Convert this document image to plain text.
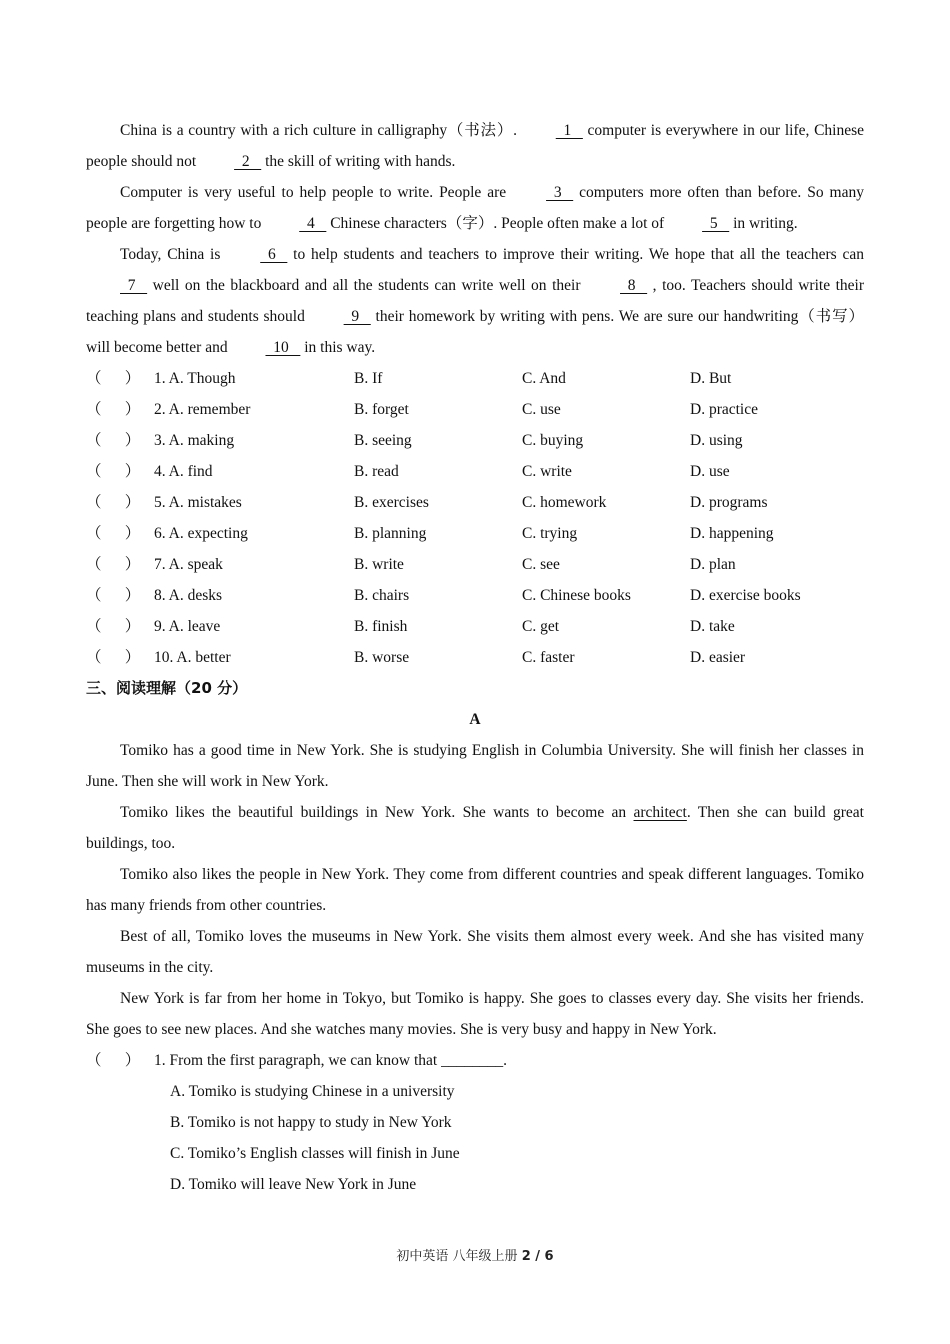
China is a country with a rich culture in calligraphy（书法）.   1    computer is everywhere in our life, Chinese people should not   2    the skill of writing with hands.

Computer is very useful to help people to write. People are   3    computers more often than before. So many people are forgetting how to   4    Chinese characters（字）. People often make a lot of   5    in writing.

Today, China is   6    to help students and teachers to improve their writing. We hope that all the teachers can   7    well on the blackboard and all the students can write well on their   8    , too. Teachers should write their teaching plans and students should   9    their homework by writing with pens. We are sure our handwriting（书写） will become better and   10    in this way.

（      ） 1. A. Though	B. If	C. And	D. But
（      ） 2. A. remember	B. forget	C. use	D. practice
（      ） 3. A. making	B. seeing	C. buying	D. using
（      ） 4. A. find	B. read	C. write	D. use
（      ） 5. A. mistakes	B. exercises	C. homework	D. programs
（      ） 6. A. expecting	B. planning	C. trying	D. happening
（      ） 7. A. speak	B. write	C. see	D. plan
（      ） 8. A. desks	B. chairs	C. Chinese books	D. exercise books
（      ） 9. A. leave	B. finish	C. get	D. take
（      ） 10. A. better	B. worse	C. faster	D. easier
三、阅读理解（20 分）
A

Tomiko has a good time in New York. She is studying English in Columbia University. She will finish her classes in June. Then she will work in New York.

Tomiko likes the beautiful buildings in New York. She wants to become an architect. Then she can build great buildings, too.

Tomiko also likes the people in New York. They come from different countries and speak different languages. Tomiko has many friends from other countries.

Best of all, Tomiko loves the museums in New York. She visits them almost every week. And she has visited many museums in the city.

New York is far from her home in Tokyo, but Tomiko is happy. She goes to classes every day. She visits her friends. She goes to see new places. And she watches many movies. She is very busy and happy in New York.

（      ） 1. From the first paragraph, we can know that ________.
A. Tomiko is studying Chinese in a university
B. Tomiko is not happy to study in New York
C. Tomiko’s English classes will finish in June
D. Tomiko will leave New York in June
初中英语 八年级上册 2 / 6
